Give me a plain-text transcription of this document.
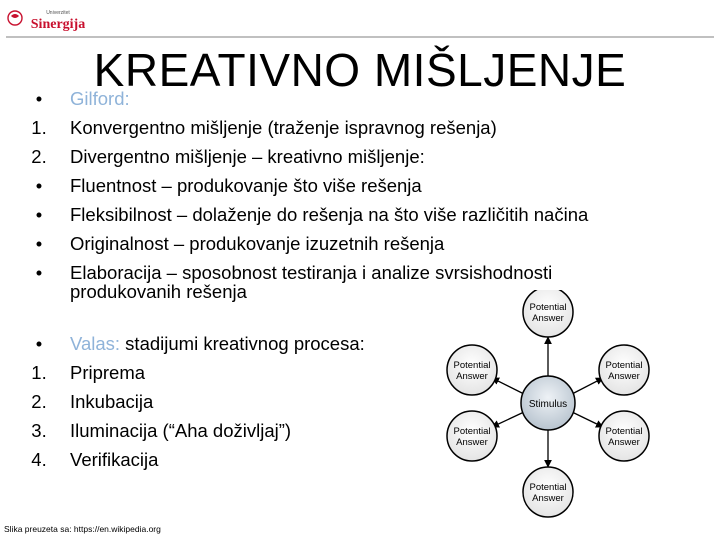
Univerzitet
Sinergija
KREATIVNO MIŠLJENJE
•	Gilford:
1.	Konvergentno mišljenje (traženje ispravnog rešenja)
2.	Divergentno mišljenje – kreativno mišljenje:
•	Fluentnost – produkovanje što više rešenja
•	Fleksibilnost – dolaženje do rešenja na što više različitih načina
•	Originalnost – produkovanje izuzetnih rešenja
•	Elaboracija – sposobnost testiranja i analize svrsishodnosti
produkovanih rešenja
•	Valas: stadijumi kreativnog procesa:
1.	Priprema
2.	Inkubacija
3.	Iluminacija (“Aha doživljaj”)
4.	Verifikacija
Stimulus
Potential
Answer
Potential
Answer
Potential
Answer
Potential
Answer
Potential
Answer
Potential
Answer
Slika preuzeta sa: https://en.wikipedia.org
